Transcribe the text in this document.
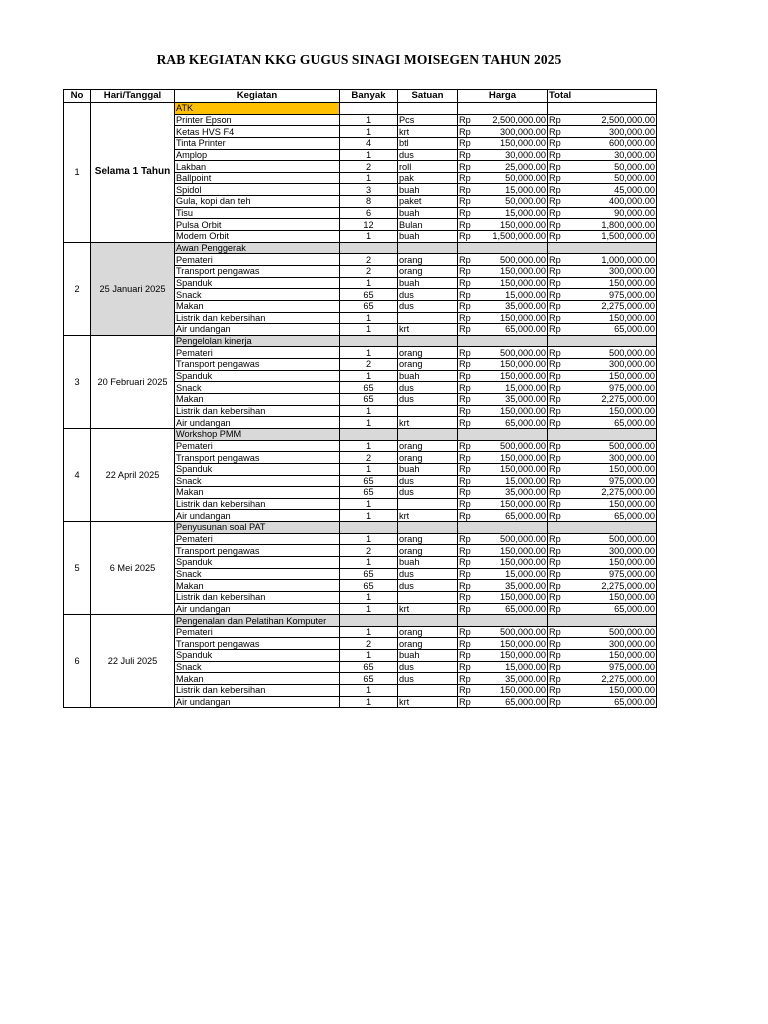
RAB KEGIATAN KKG GUGUS SINAGI MOISEGEN TAHUN 2025
No	Hari/Tanggal	Kegiatan	Banyak	Satuan	Harga		Total	
1	Selama 1 Tahun	ATK						
		Printer Epson	1	Pcs	Rp	2,500,000.00	Rp	2,500,000.00
		Ketas HVS F4	1	krt	Rp	300,000.00	Rp	300,000.00
		Tinta Printer	4	btl	Rp	150,000.00	Rp	600,000.00
		Amplop	1	dus	Rp	30,000.00	Rp	30,000.00
		Lakban	2	roll	Rp	25,000.00	Rp	50,000.00
		Ballpoint	1	pak	Rp	50,000.00	Rp	50,000.00
		Spidol	3	buah	Rp	15,000.00	Rp	45,000.00
		Gula, kopi dan teh	8	paket	Rp	50,000.00	Rp	400,000.00
		Tisu	6	buah	Rp	15,000.00	Rp	90,000.00
		Pulsa Orbit	12	Bulan	Rp	150,000.00	Rp	1,800,000.00
		Modem Orbit	1	buah	Rp	1,500,000.00	Rp	1,500,000.00
2	25 Januari 2025	Awan Penggerak						
		Pemateri	2	orang	Rp	500,000.00	Rp	1,000,000.00
		Transport pengawas	2	orang	Rp	150,000.00	Rp	300,000.00
		Spanduk	1	buah	Rp	150,000.00	Rp	150,000.00
		Snack	65	dus	Rp	15,000.00	Rp	975,000.00
		Makan	65	dus	Rp	35,000.00	Rp	2,275,000.00
		Listrik dan kebersihan	1		Rp	150,000.00	Rp	150,000.00
		Air undangan	1	krt	Rp	65,000.00	Rp	65,000.00
3	20 Februari 2025	Pengelolan kinerja						
		Pemateri	1	orang	Rp	500,000.00	Rp	500,000.00
		Transport pengawas	2	orang	Rp	150,000.00	Rp	300,000.00
		Spanduk	1	buah	Rp	150,000.00	Rp	150,000.00
		Snack	65	dus	Rp	15,000.00	Rp	975,000.00
		Makan	65	dus	Rp	35,000.00	Rp	2,275,000.00
		Listrik dan kebersihan	1		Rp	150,000.00	Rp	150,000.00
		Air undangan	1	krt	Rp	65,000.00	Rp	65,000.00
4	22 April 2025	Workshop PMM						
		Pemateri	1	orang	Rp	500,000.00	Rp	500,000.00
		Transport pengawas	2	orang	Rp	150,000.00	Rp	300,000.00
		Spanduk	1	buah	Rp	150,000.00	Rp	150,000.00
		Snack	65	dus	Rp	15,000.00	Rp	975,000.00
		Makan	65	dus	Rp	35,000.00	Rp	2,275,000.00
		Listrik dan kebersihan	1		Rp	150,000.00	Rp	150,000.00
		Air undangan	1	krt	Rp	65,000.00	Rp	65,000.00
5	6 Mei 2025	Penyusunan soal PAT						
		Pemateri	1	orang	Rp	500,000.00	Rp	500,000.00
		Transport pengawas	2	orang	Rp	150,000.00	Rp	300,000.00
		Spanduk	1	buah	Rp	150,000.00	Rp	150,000.00
		Snack	65	dus	Rp	15,000.00	Rp	975,000.00
		Makan	65	dus	Rp	35,000.00	Rp	2,275,000.00
		Listrik dan kebersihan	1		Rp	150,000.00	Rp	150,000.00
		Air undangan	1	krt	Rp	65,000.00	Rp	65,000.00
6	22 Juli 2025	Pengenalan dan Pelatihan Komputer						
		Pemateri	1	orang	Rp	500,000.00	Rp	500,000.00
		Transport pengawas	2	orang	Rp	150,000.00	Rp	300,000.00
		Spanduk	1	buah	Rp	150,000.00	Rp	150,000.00
		Snack	65	dus	Rp	15,000.00	Rp	975,000.00
		Makan	65	dus	Rp	35,000.00	Rp	2,275,000.00
		Listrik dan kebersihan	1		Rp	150,000.00	Rp	150,000.00
		Air undangan	1	krt	Rp	65,000.00	Rp	65,000.00
